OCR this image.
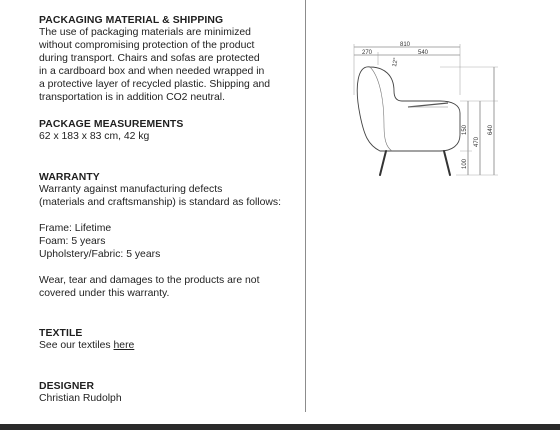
PACKAGING MATERIAL & SHIPPING

The use of packaging materials are minimized

without compromising protection of the product

during transport. Chairs and sofas are protected

in a cardboard box and when needed wrapped in

a protective layer of recycled plastic. Shipping and

transportation is in addition CO2 neutral.

PACKAGE MEASUREMENTS
62 x 183 x 83 cm, 42 kg
WARRANTY

Warranty against manufacturing defects

(materials and craftsmanship) is standard as follows:

Frame: Lifetime

Foam: 5 years

Upholstery/Fabric: 5 years

Wear, tear and damages to the products are not

covered under this warranty.

TEXTILE
See our textiles here
DESIGNER
Christian Rudolph
810
270	540
12°
150
100
470
640
